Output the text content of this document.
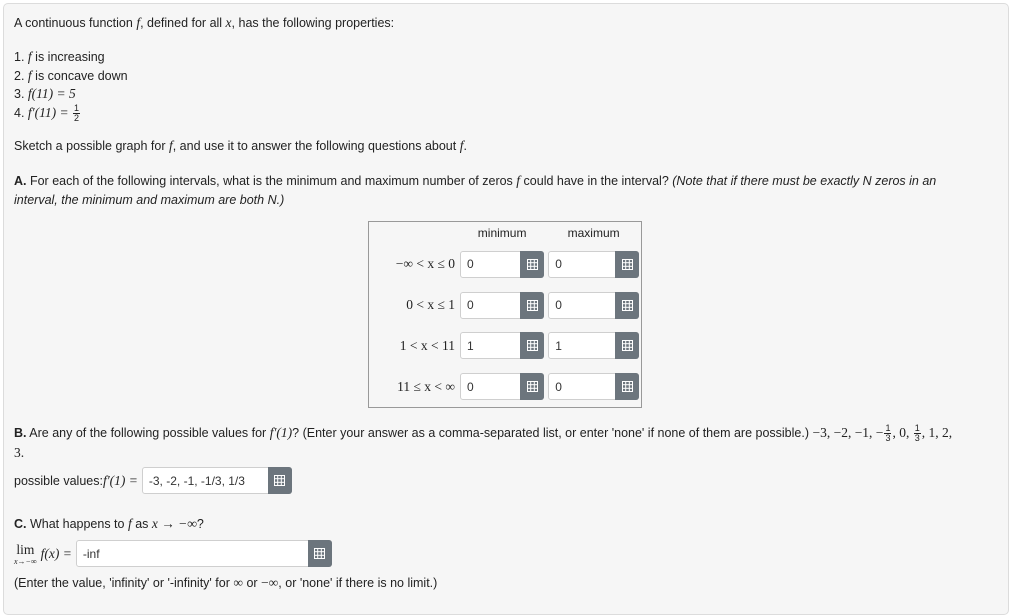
A continuous function f, defined for all x, has the following properties:

1. f is increasing
2. f is concave down
3. f(11) = 5
4. $f'(11) = \frac{1}{2}$

Sketch a possible graph for f, and use it to answer the following questions about f.

A. For each of the following intervals, what is the minimum and maximum number of zeros f could have in the interval? (Note that if there must be exactly N zeros in an
interval, the minimum and maximum are both N.)
	minimum	maximum
−∞ < x ≤ 0	0	0

0 < x ≤ 1	0	0

1 < x < 11	1	1

11 ≤ x < ∞	0	0
B. Are any of the following possible values for f′(1)? (Enter your answer as a comma-separated list, or enter 'none' if none of them are possible.) −3, −2, −1, − $\frac{1}{3}$ , 0, $\frac{1}{3}$ , 1, 2,
3.
possible values: f′(1) = -3, -2, -1, -1/3, 1/3

C. What happens to f as x → −∞?

lim
x→−∞
f(x) = -inf

(Enter the value, 'infinity' or '-infinity' for ∞ or −∞, or 'none' if there is no limit.)
